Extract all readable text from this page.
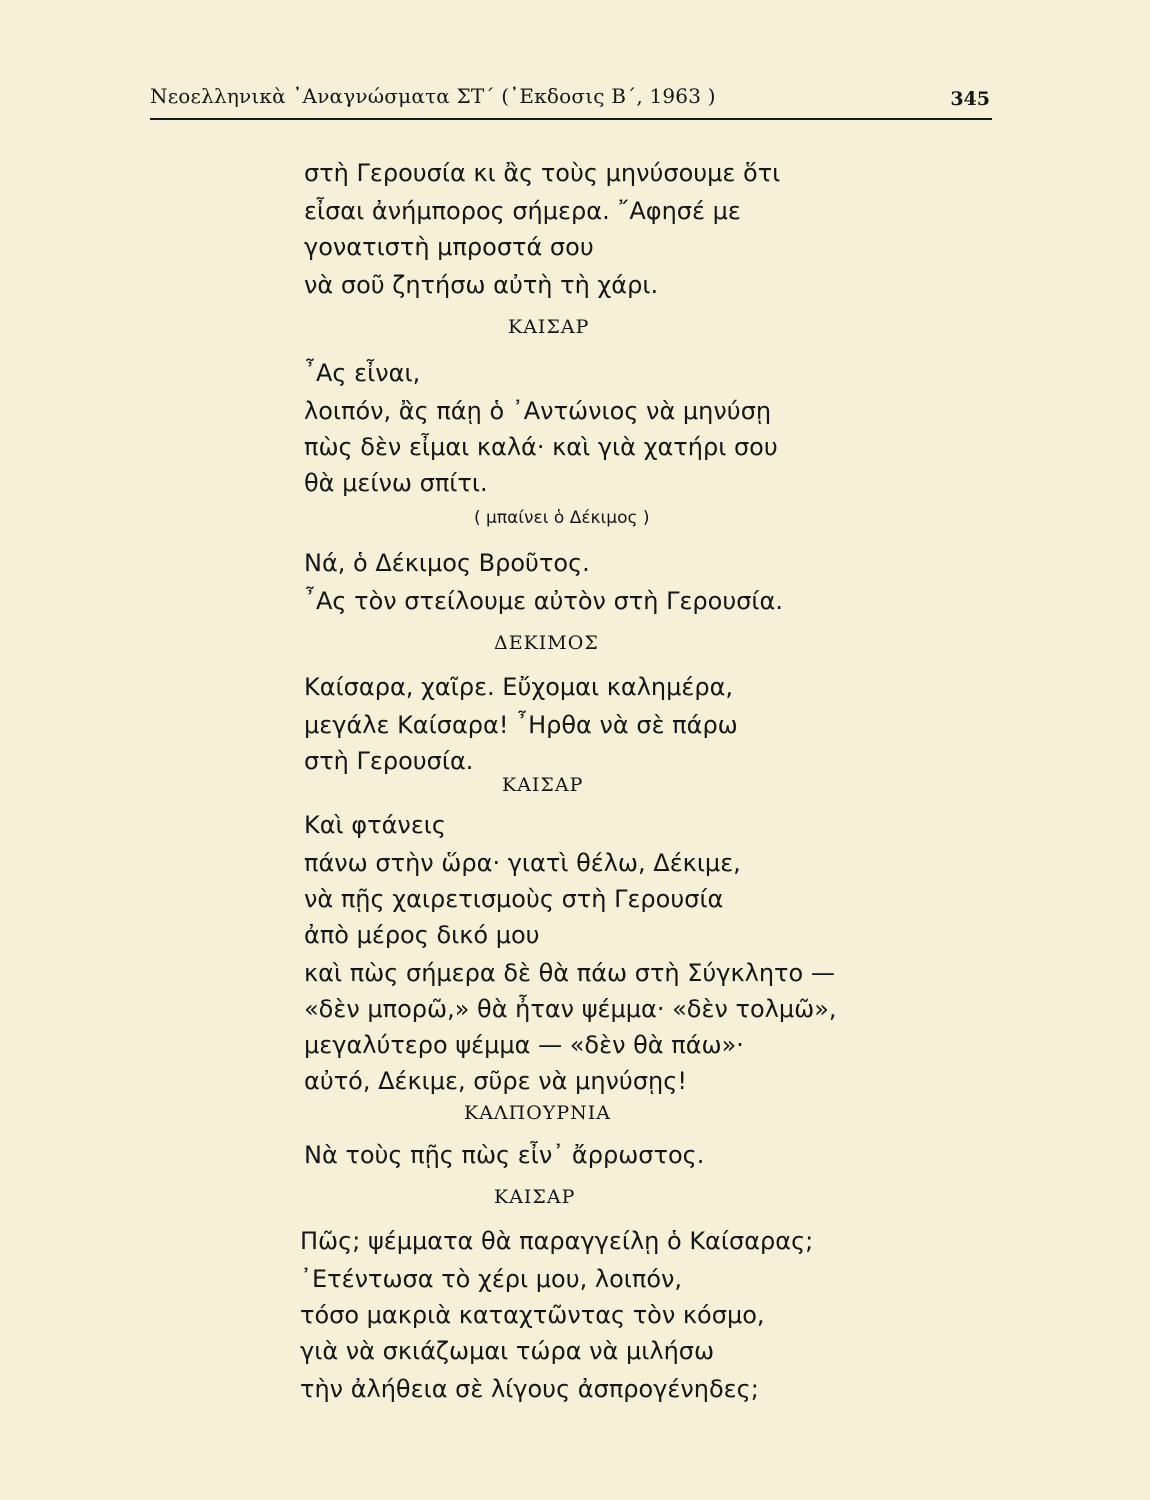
Νεοελληνικὰ ᾿Αναγνώσματα ΣΤ΄ (᾿Εκδοσις Β΄, 1963 )	345
στὴ Γερουσία κι ἂς τοὺς μηνύσουμε ὅτι
εἶσαι ἀνήμπορος σήμερα. ῎Αφησέ με
γονατιστὴ μπροστά σου
νὰ σοῦ ζητήσω αὐτὴ τὴ χάρι.
ΚΑΙΣΑΡ
῏Ας εἶναι,
λοιπόν, ἂς πάῃ ὁ ᾿Αντώνιος νὰ μηνύσῃ
πὼς δὲν εἶμαι καλά· καὶ γιὰ χατήρι σου
θὰ μείνω σπίτι.
( μπαίνει ὁ Δέκιμος )
Νά, ὁ Δέκιμος Βροῦτος.
῏Ας τὸν στείλουμε αὐτὸν στὴ Γερουσία.
ΔΕΚΙΜΟΣ
Καίσαρα, χαῖρε. Εὔχομαι καλημέρα,
μεγάλε Καίσαρα! ῏Ηρθα νὰ σὲ πάρω
στὴ Γερουσία.
ΚΑΙΣΑΡ
Καὶ φτάνεις
πάνω στὴν ὥρα· γιατὶ θέλω, Δέκιμε,
νὰ πῇς χαιρετισμοὺς στὴ Γερουσία
ἀπὸ μέρος δικό μου
καὶ πὼς σήμερα δὲ θὰ πάω στὴ Σύγκλητο —
«δὲν μπορῶ,» θὰ ἦταν ψέμμα· «δὲν τολμῶ»,
μεγαλύτερο ψέμμα — «δὲν θὰ πάω»·
αὐτό, Δέκιμε, σῦρε νὰ μηνύσῃς!
ΚΑΛΠΟΥΡΝΙΑ
Νὰ τοὺς πῇς πὼς εἶν᾿ ἄρρωστος.
ΚΑΙΣΑΡ
Πῶς; ψέμματα θὰ παραγγείλῃ ὁ Καίσαρας;
᾿Ετέντωσα τὸ χέρι μου, λοιπόν,
τόσο μακριὰ καταχτῶντας τὸν κόσμο,
γιὰ νὰ σκιάζωμαι τώρα νὰ μιλήσω
τὴν ἀλήθεια σὲ λίγους ἀσπρογένηδες;
